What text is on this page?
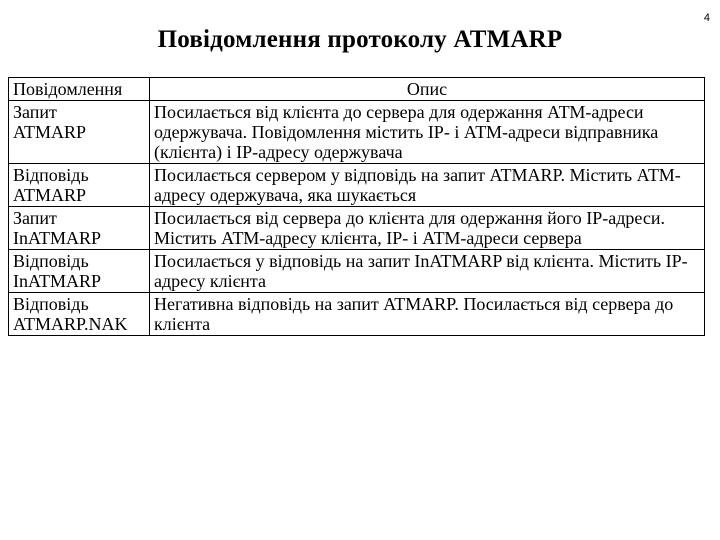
4
Повідомлення протоколу ATMARP
Повідомлення	Опис

Запит
ATMARP	Посилається від клієнта до сервера для одержання АТМ-адреси одержувача. Повідомлення містить ІР- і АТМ-адреси відправника (клієнта) і ІР-адресу одержувача

Відповідь
ATMARP	Посилається сервером у відповідь на запит ATMARP. Містить АТМ-адресу одержувача, яка шукається

Запит
InATMARP	Посилається від сервера до клієнта для одержання його ІР-адреси. Містить АТМ-адресу клієнта, ІР- і АТМ-адреси сервера

Відповідь
InATMARP	Посилається у відповідь на запит InATMARP від клієнта. Містить ІР-адресу клієнта

Відповідь
ATMARP.NAK	Негативна відповідь на запит ATMARP. Посилається від сервера до клієнта
